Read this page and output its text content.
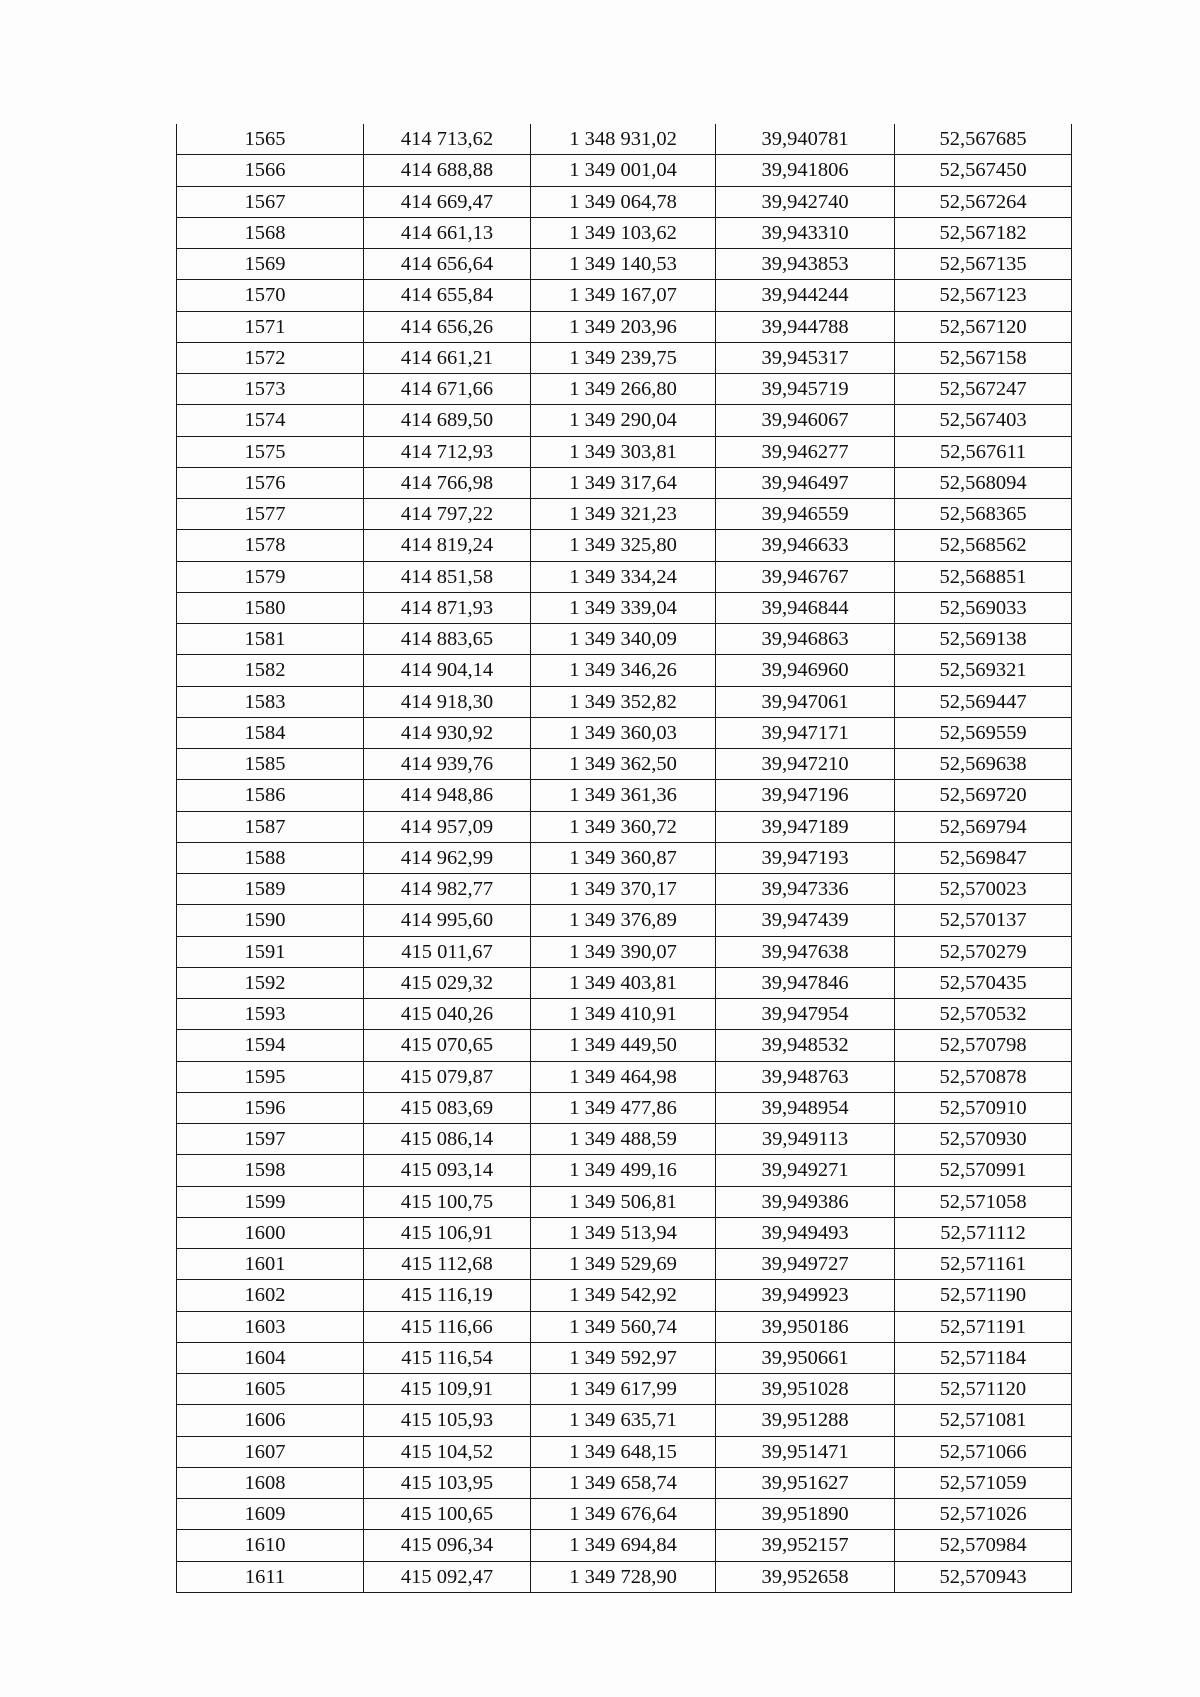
1565	414 713,62	1 348 931,02	39,940781	52,567685
1566	414 688,88	1 349 001,04	39,941806	52,567450
1567	414 669,47	1 349 064,78	39,942740	52,567264
1568	414 661,13	1 349 103,62	39,943310	52,567182
1569	414 656,64	1 349 140,53	39,943853	52,567135
1570	414 655,84	1 349 167,07	39,944244	52,567123
1571	414 656,26	1 349 203,96	39,944788	52,567120
1572	414 661,21	1 349 239,75	39,945317	52,567158
1573	414 671,66	1 349 266,80	39,945719	52,567247
1574	414 689,50	1 349 290,04	39,946067	52,567403
1575	414 712,93	1 349 303,81	39,946277	52,567611
1576	414 766,98	1 349 317,64	39,946497	52,568094
1577	414 797,22	1 349 321,23	39,946559	52,568365
1578	414 819,24	1 349 325,80	39,946633	52,568562
1579	414 851,58	1 349 334,24	39,946767	52,568851
1580	414 871,93	1 349 339,04	39,946844	52,569033
1581	414 883,65	1 349 340,09	39,946863	52,569138
1582	414 904,14	1 349 346,26	39,946960	52,569321
1583	414 918,30	1 349 352,82	39,947061	52,569447
1584	414 930,92	1 349 360,03	39,947171	52,569559
1585	414 939,76	1 349 362,50	39,947210	52,569638
1586	414 948,86	1 349 361,36	39,947196	52,569720
1587	414 957,09	1 349 360,72	39,947189	52,569794
1588	414 962,99	1 349 360,87	39,947193	52,569847
1589	414 982,77	1 349 370,17	39,947336	52,570023
1590	414 995,60	1 349 376,89	39,947439	52,570137
1591	415 011,67	1 349 390,07	39,947638	52,570279
1592	415 029,32	1 349 403,81	39,947846	52,570435
1593	415 040,26	1 349 410,91	39,947954	52,570532
1594	415 070,65	1 349 449,50	39,948532	52,570798
1595	415 079,87	1 349 464,98	39,948763	52,570878
1596	415 083,69	1 349 477,86	39,948954	52,570910
1597	415 086,14	1 349 488,59	39,949113	52,570930
1598	415 093,14	1 349 499,16	39,949271	52,570991
1599	415 100,75	1 349 506,81	39,949386	52,571058
1600	415 106,91	1 349 513,94	39,949493	52,571112
1601	415 112,68	1 349 529,69	39,949727	52,571161
1602	415 116,19	1 349 542,92	39,949923	52,571190
1603	415 116,66	1 349 560,74	39,950186	52,571191
1604	415 116,54	1 349 592,97	39,950661	52,571184
1605	415 109,91	1 349 617,99	39,951028	52,571120
1606	415 105,93	1 349 635,71	39,951288	52,571081
1607	415 104,52	1 349 648,15	39,951471	52,571066
1608	415 103,95	1 349 658,74	39,951627	52,571059
1609	415 100,65	1 349 676,64	39,951890	52,571026
1610	415 096,34	1 349 694,84	39,952157	52,570984
1611	415 092,47	1 349 728,90	39,952658	52,570943
